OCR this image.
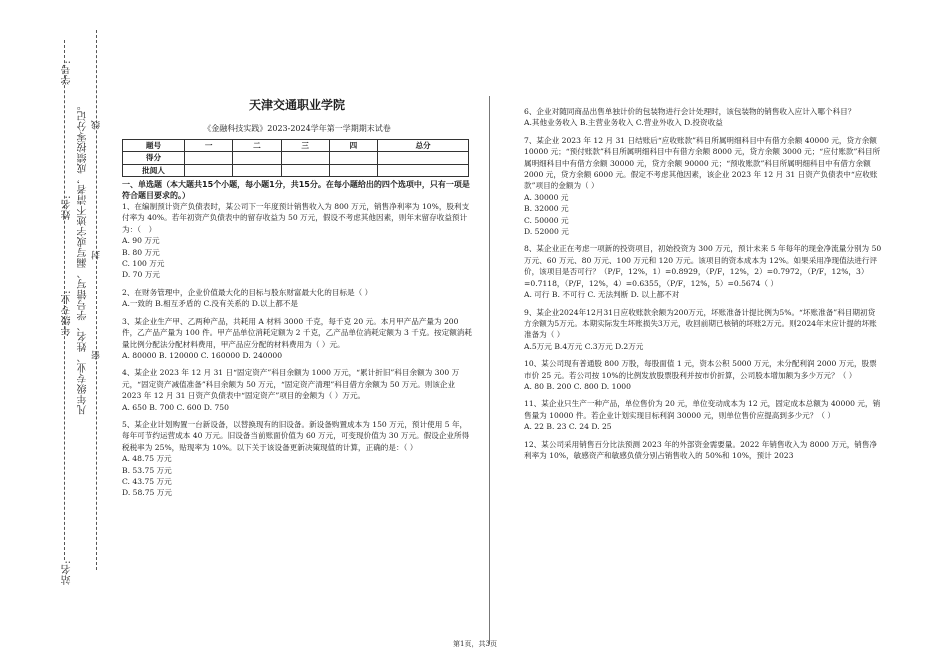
学号:
姓名:
年级专业:
站名:
凡年级专业、姓名、学号错写、漏写或字迹不清者，成绩按零分记。 密
封
线
天津交通职业学院
《金融科技实践》2023-2024学年第一学期期末试卷
题号	一	二	三	四	总分
得分					
批阅人					
一、单选题（本大题共15个小题，每小题1分，共15分。在每小题给出的四个选项中，只有一项是符合题目要求的。）

1、在编制预计资产负债表时，某公司下一年度预计销售收入为 800 万元，销售净利率为 10%，股利支付率为 40%。若年初资产负债表中的留存收益为 50 万元，假设不考虑其他因素，则年末留存收益预计为：（　）

A. 90 万元
B. 80 万元
C. 100 万元
D. 70 万元

2、在财务管理中，企业价值最大化的目标与股东财富最大化的目标是（ ）

A.一致的 B.相互矛盾的 C.没有关系的 D.以上都不是

3、某企业生产甲、乙两种产品，共耗用 A 材料 3000 千克，每千克 20 元。本月甲产品产量为 200 件，乙产品产量为 100 件。甲产品单位消耗定额为 2 千克，乙产品单位消耗定额为 3 千克。按定额消耗量比例分配法分配材料费用，甲产品应分配的材料费用为（ ）元。

A. 80000 B. 120000 C. 160000 D. 240000

4、某企业 2023 年 12 月 31 日“固定资产”科目余额为 1000 万元，“累计折旧”科目余额为 300 万元，“固定资产减值准备”科目余额为 50 万元，“固定资产清理”科目借方余额为 50 万元。则该企业 2023 年 12 月 31 日资产负债表中“固定资产”项目的金额为（ ）万元。

A. 650 B. 700 C. 600 D. 750

5、某企业计划购置一台新设备，以替换现有的旧设备。新设备购置成本为 150 万元，预计使用 5 年，每年可节约运营成本 40 万元。旧设备当前账面价值为 60 万元，可变现价值为 30 万元。假设企业所得税税率为 25%，贴现率为 10%。以下关于该设备更新决策现值的计算，正确的是：（ ）

A. 48.75 万元
B. 53.75 万元
C. 43.75 万元
D. 58.75 万元

6、企业对随同商品出售单独计价的包装物进行会计处理时，该包装物的销售收入应计入哪个科目？

A.其他业务收入 B.主营业务收入 C.营业外收入 D.投资收益

7、某企业 2023 年 12 月 31 日结账后“应收账款”科目所属明细科目中有借方余额 40000 元，贷方余额 10000 元；“预付账款”科目所属明细科目中有借方余额 8000 元，贷方余额 3000 元；“应付账款”科目所属明细科目中有借方余额 30000 元，贷方余额 90000 元；“预收账款”科目所属明细科目中有借方余额 2000 元，贷方余额 6000 元。假定不考虑其他因素，该企业 2023 年 12 月 31 日资产负债表中“应收账款”项目的金额为（ ）

A. 30000 元
B. 32000 元
C. 50000 元
D. 52000 元

8、某企业正在考虑一项新的投资项目，初始投资为 300 万元，预计未来 5 年每年的现金净流量分别为 50 万元、60 万元、80 万元、100 万元和 120 万元。该项目的资本成本为 12%。如果采用净现值法进行评价，该项目是否可行？（P/F，12%，1）=0.8929，（P/F，12%，2）=0.7972，（P/F，12%，3）=0.7118，（P/F，12%，4）=0.6355，（P/F，12%，5）=0.5674（ ）

A. 可行 B. 不可行 C. 无法判断 D. 以上都不对

9、某企业2024年12月31日应收账款余额为200万元，坏账准备计提比例为5%。“坏账准备”科目期初贷方余额为5万元。本期实际发生坏账损失3万元，收回前期已核销的坏账2万元。则2024年末应计提的坏账准备为（ ）

A.5万元 B.4万元 C.3万元 D.2万元

10、某公司现有普通股 800 万股，每股面值 1 元，资本公积 5000 万元，未分配利润 2000 万元，股票市价 25 元。若公司按 10%的比例发放股票股利并按市价折算，公司股本增加额为多少万元？（ ）

A. 80 B. 200 C. 800 D. 1000

11、某企业只生产一种产品，单位售价为 20 元，单位变动成本为 12 元，固定成本总额为 40000 元，销售量为 10000 件。若企业计划实现目标利润 30000 元，则单位售价应提高到多少元？（ ）

A. 22 B. 23 C. 24 D. 25

12、某公司采用销售百分比法预测 2023 年的外部资金需要量。2022 年销售收入为 8000 万元，销售净利率为 10%，敏感资产和敏感负债分别占销售收入的 50%和 10%，预计 2023

第1页，共3页
